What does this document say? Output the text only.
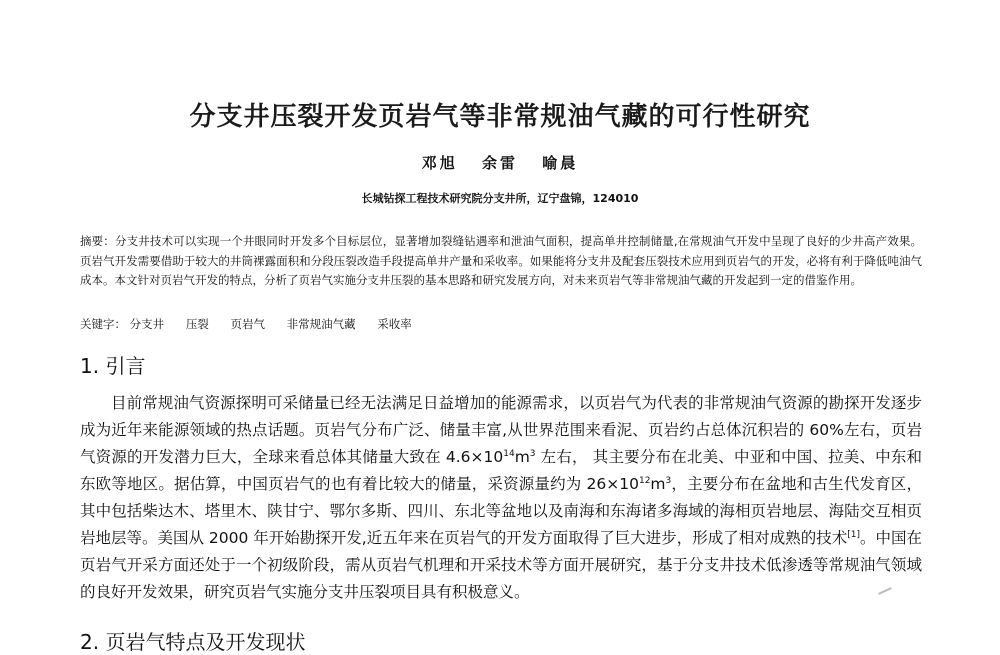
分支井压裂开发页岩气等非常规油气藏的可行性研究
邓旭 余雷 喻晨
长城钻探工程技术研究院分支井所，辽宁盘锦，124010
摘要：分支井技术可以实现一个井眼同时开发多个目标层位，显著增加裂缝钻遇率和泄油气面积，提高单井控制储量,在常规油气开发中呈现了良好的少井高产效果。页岩气开发需要借助于较大的井筒裸露面积和分段压裂改造手段提高单井产量和采收率。如果能将分支井及配套压裂技术应用到页岩气的开发，必将有利于降低吨油气成本。本文针对页岩气开发的特点，分析了页岩气实施分支井压裂的基本思路和研究发展方向，对未来页岩气等非常规油气藏的开发起到一定的借鉴作用。
关键字： 分支井 压裂 页岩气 非常规油气藏 采收率
1. 引言
目前常规油气资源探明可采储量已经无法满足日益增加的能源需求，以页岩气为代表的非常规油气资源的勘探开发逐步成为近年来能源领域的热点话题。页岩气分布广泛、储量丰富,从世界范围来看泥、页岩约占总体沉积岩的 60%左右，页岩气资源的开发潜力巨大，全球来看总体其储量大致在 $4.6\times 10^{14}m^3$ 左右， 其主要分布在北美、中亚和中国、拉美、中东和东欧等地区。据估算，中国页岩气的也有着比较大的储量，采资源量约为 $26\times 10^{12}m^3$，主要分布在盆地和古生代发育区，其中包括柴达木、塔里木、陕甘宁、鄂尔多斯、四川、东北等盆地以及南海和东海诸多海域的海相页岩地层、海陆交互相页岩地层等。美国从 2000 年开始勘探开发,近五年来在页岩气的开发方面取得了巨大进步，形成了相对成熟的技术[1]。中国在页岩气开采方面还处于一个初级阶段，需从页岩气机理和开采技术等方面开展研究，基于分支井技术低渗透等常规油气领域的良好开发效果，研究页岩气实施分支井压裂项目具有积极意义。
2. 页岩气特点及开发现状
